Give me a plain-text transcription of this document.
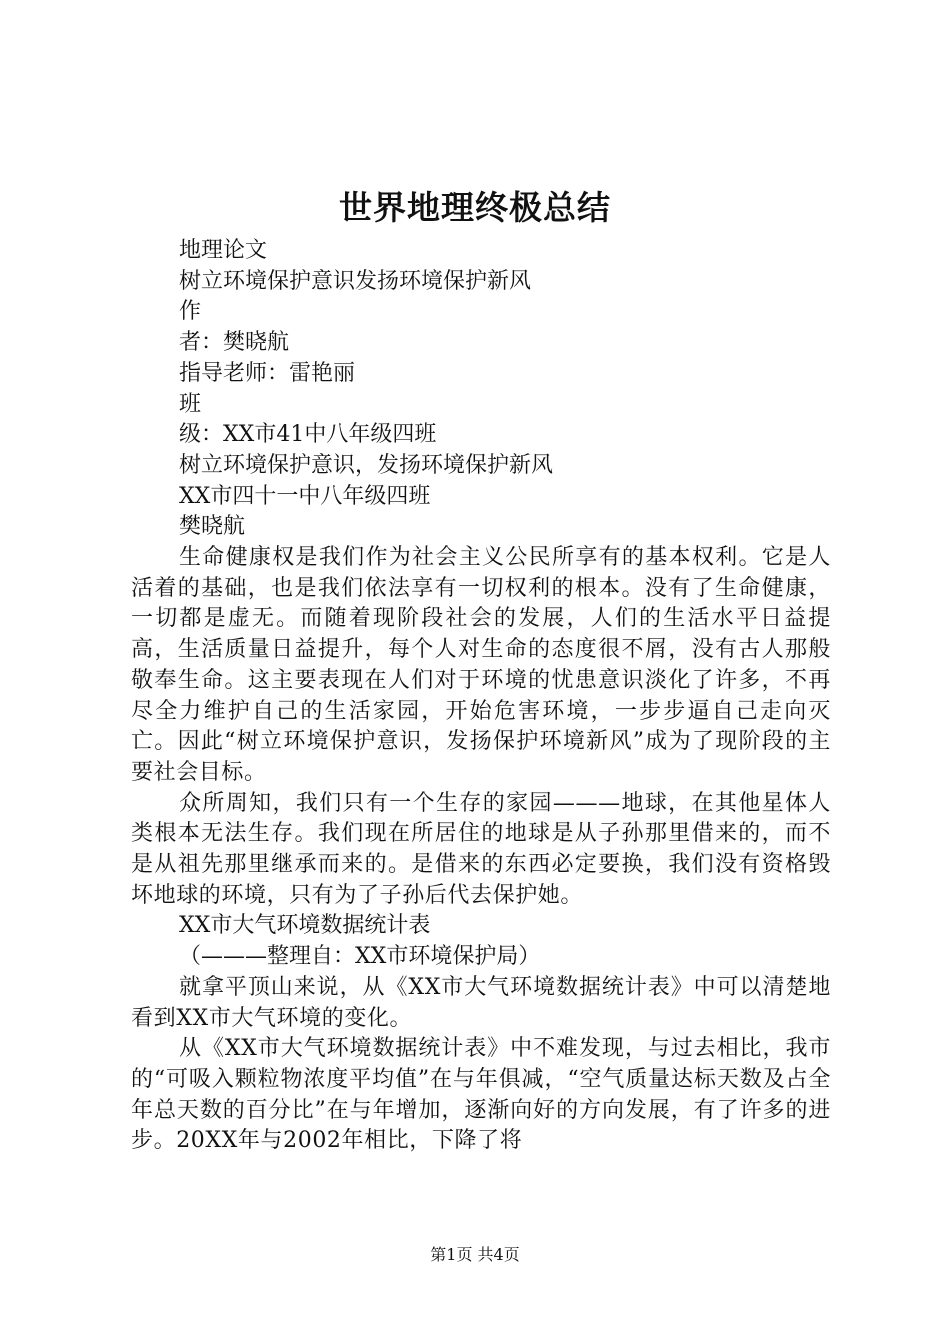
世界地理终极总结

地理论文

树立环境保护意识发扬环境保护新风

作

者：樊晓航

指导老师：雷艳丽

班

级：XX市41中八年级四班

树立环境保护意识，发扬环境保护新风

XX市四十一中八年级四班

樊晓航

生命健康权是我们作为社会主义公民所享有的基本权利。它是人活着的基础，也是我们依法享有一切权利的根本。没有了生命健康，一切都是虚无。而随着现阶段社会的发展，人们的生活水平日益提高，生活质量日益提升，每个人对生命的态度很不屑，没有古人那般敬奉生命。这主要表现在人们对于环境的忧患意识淡化了许多，不再尽全力维护自己的生活家园，开始危害环境，一步步逼自己走向灭亡。因此“树立环境保护意识，发扬保护环境新风”成为了现阶段的主要社会目标。

众所周知，我们只有一个生存的家园———地球，在其他星体人类根本无法生存。我们现在所居住的地球是从子孙那里借来的，而不是从祖先那里继承而来的。是借来的东西必定要换，我们没有资格毁坏地球的环境，只有为了子孙后代去保护她。

XX市大气环境数据统计表

（———整理自：XX市环境保护局）

就拿平顶山来说，从《XX市大气环境数据统计表》中可以清楚地看到XX市大气环境的变化。

从《XX市大气环境数据统计表》中不难发现，与过去相比，我市的“可吸入颗粒物浓度平均值”在与年俱减，“空气质量达标天数及占全年总天数的百分比”在与年增加，逐渐向好的方向发展，有了许多的进步。20XX年与2002年相比，下降了将

第1页 共4页
